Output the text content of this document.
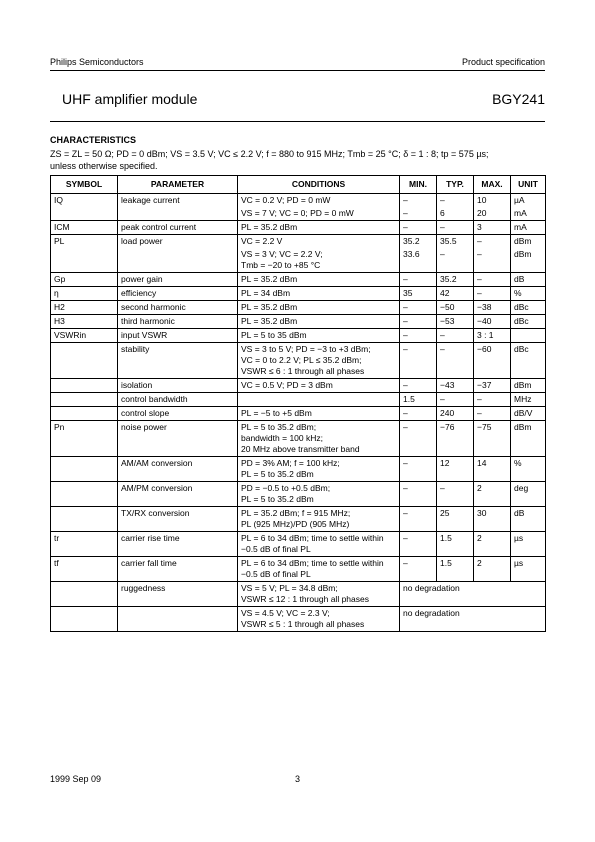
Philips Semiconductors	Product specification
UHF amplifier module	BGY241
CHARACTERISTICS
ZS = ZL = 50 Ω; PD = 0 dBm; VS = 3.5 V; VC ≤ 2.2 V; f = 880 to 915 MHz; Tmb = 25 °C; δ = 1 : 8; tp = 575 µs;
unless otherwise specified.
SYMBOL	PARAMETER	CONDITIONS	MIN.	TYP.	MAX.	UNIT
IQ	leakage current	VC = 0.2 V; PD = 0 mW	–	–	10	µA
		VS = 7 V; VC = 0; PD = 0 mW	–	6	20	mA
ICM	peak control current	PL = 35.2 dBm	–	–	3	mA
PL	load power	VC = 2.2 V	35.2	35.5	–	dBm
		VS = 3 V; VC = 2.2 V;
Tmb = −20 to +85 °C	33.6	–	–	dBm
Gp	power gain	PL = 35.2 dBm	–	35.2	–	dB
η	efficiency	PL = 34 dBm	35	42	–	%
H2	second harmonic	PL = 35.2 dBm	–	−50	−38	dBc
H3	third harmonic	PL = 35.2 dBm	–	−53	−40	dBc
VSWRin	input VSWR	PL = 5 to 35 dBm	–	–	3 : 1	
	stability	VS = 3 to 5 V; PD = −3 to +3 dBm;
VC = 0 to 2.2 V; PL ≤ 35.2 dBm;
VSWR ≤ 6 : 1 through all phases	–	–	−60	dBc
	isolation	VC = 0.5 V; PD = 3 dBm	–	−43	−37	dBm
	control bandwidth		1.5	–	–	MHz
	control slope	PL = −5 to +5 dBm	–	240	–	dB/V
Pn	noise power	PL = 5 to 35.2 dBm;
bandwidth = 100 kHz;
20 MHz above transmitter band	–	−76	−75	dBm
	AM/AM conversion	PD = 3% AM; f = 100 kHz;
PL = 5 to 35.2 dBm	–	12	14	%
	AM/PM conversion	PD = −0.5 to +0.5 dBm;
PL = 5 to 35.2 dBm	–	–	2	deg
	TX/RX conversion	PL = 35.2 dBm; f = 915 MHz;
PL (925 MHz)/PD (905 MHz)	–	25	30	dB
tr	carrier rise time	PL = 6 to 34 dBm; time to settle within
−0.5 dB of final PL	–	1.5	2	µs
tf	carrier fall time	PL = 6 to 34 dBm; time to settle within
−0.5 dB of final PL	–	1.5	2	µs
	ruggedness	VS = 5 V; PL = 34.8 dBm;
VSWR ≤ 12 : 1 through all phases	no degradation			
		VS = 4.5 V; VC = 2.3 V;
VSWR ≤ 5 : 1 through all phases	no degradation			
1999 Sep 09	3
